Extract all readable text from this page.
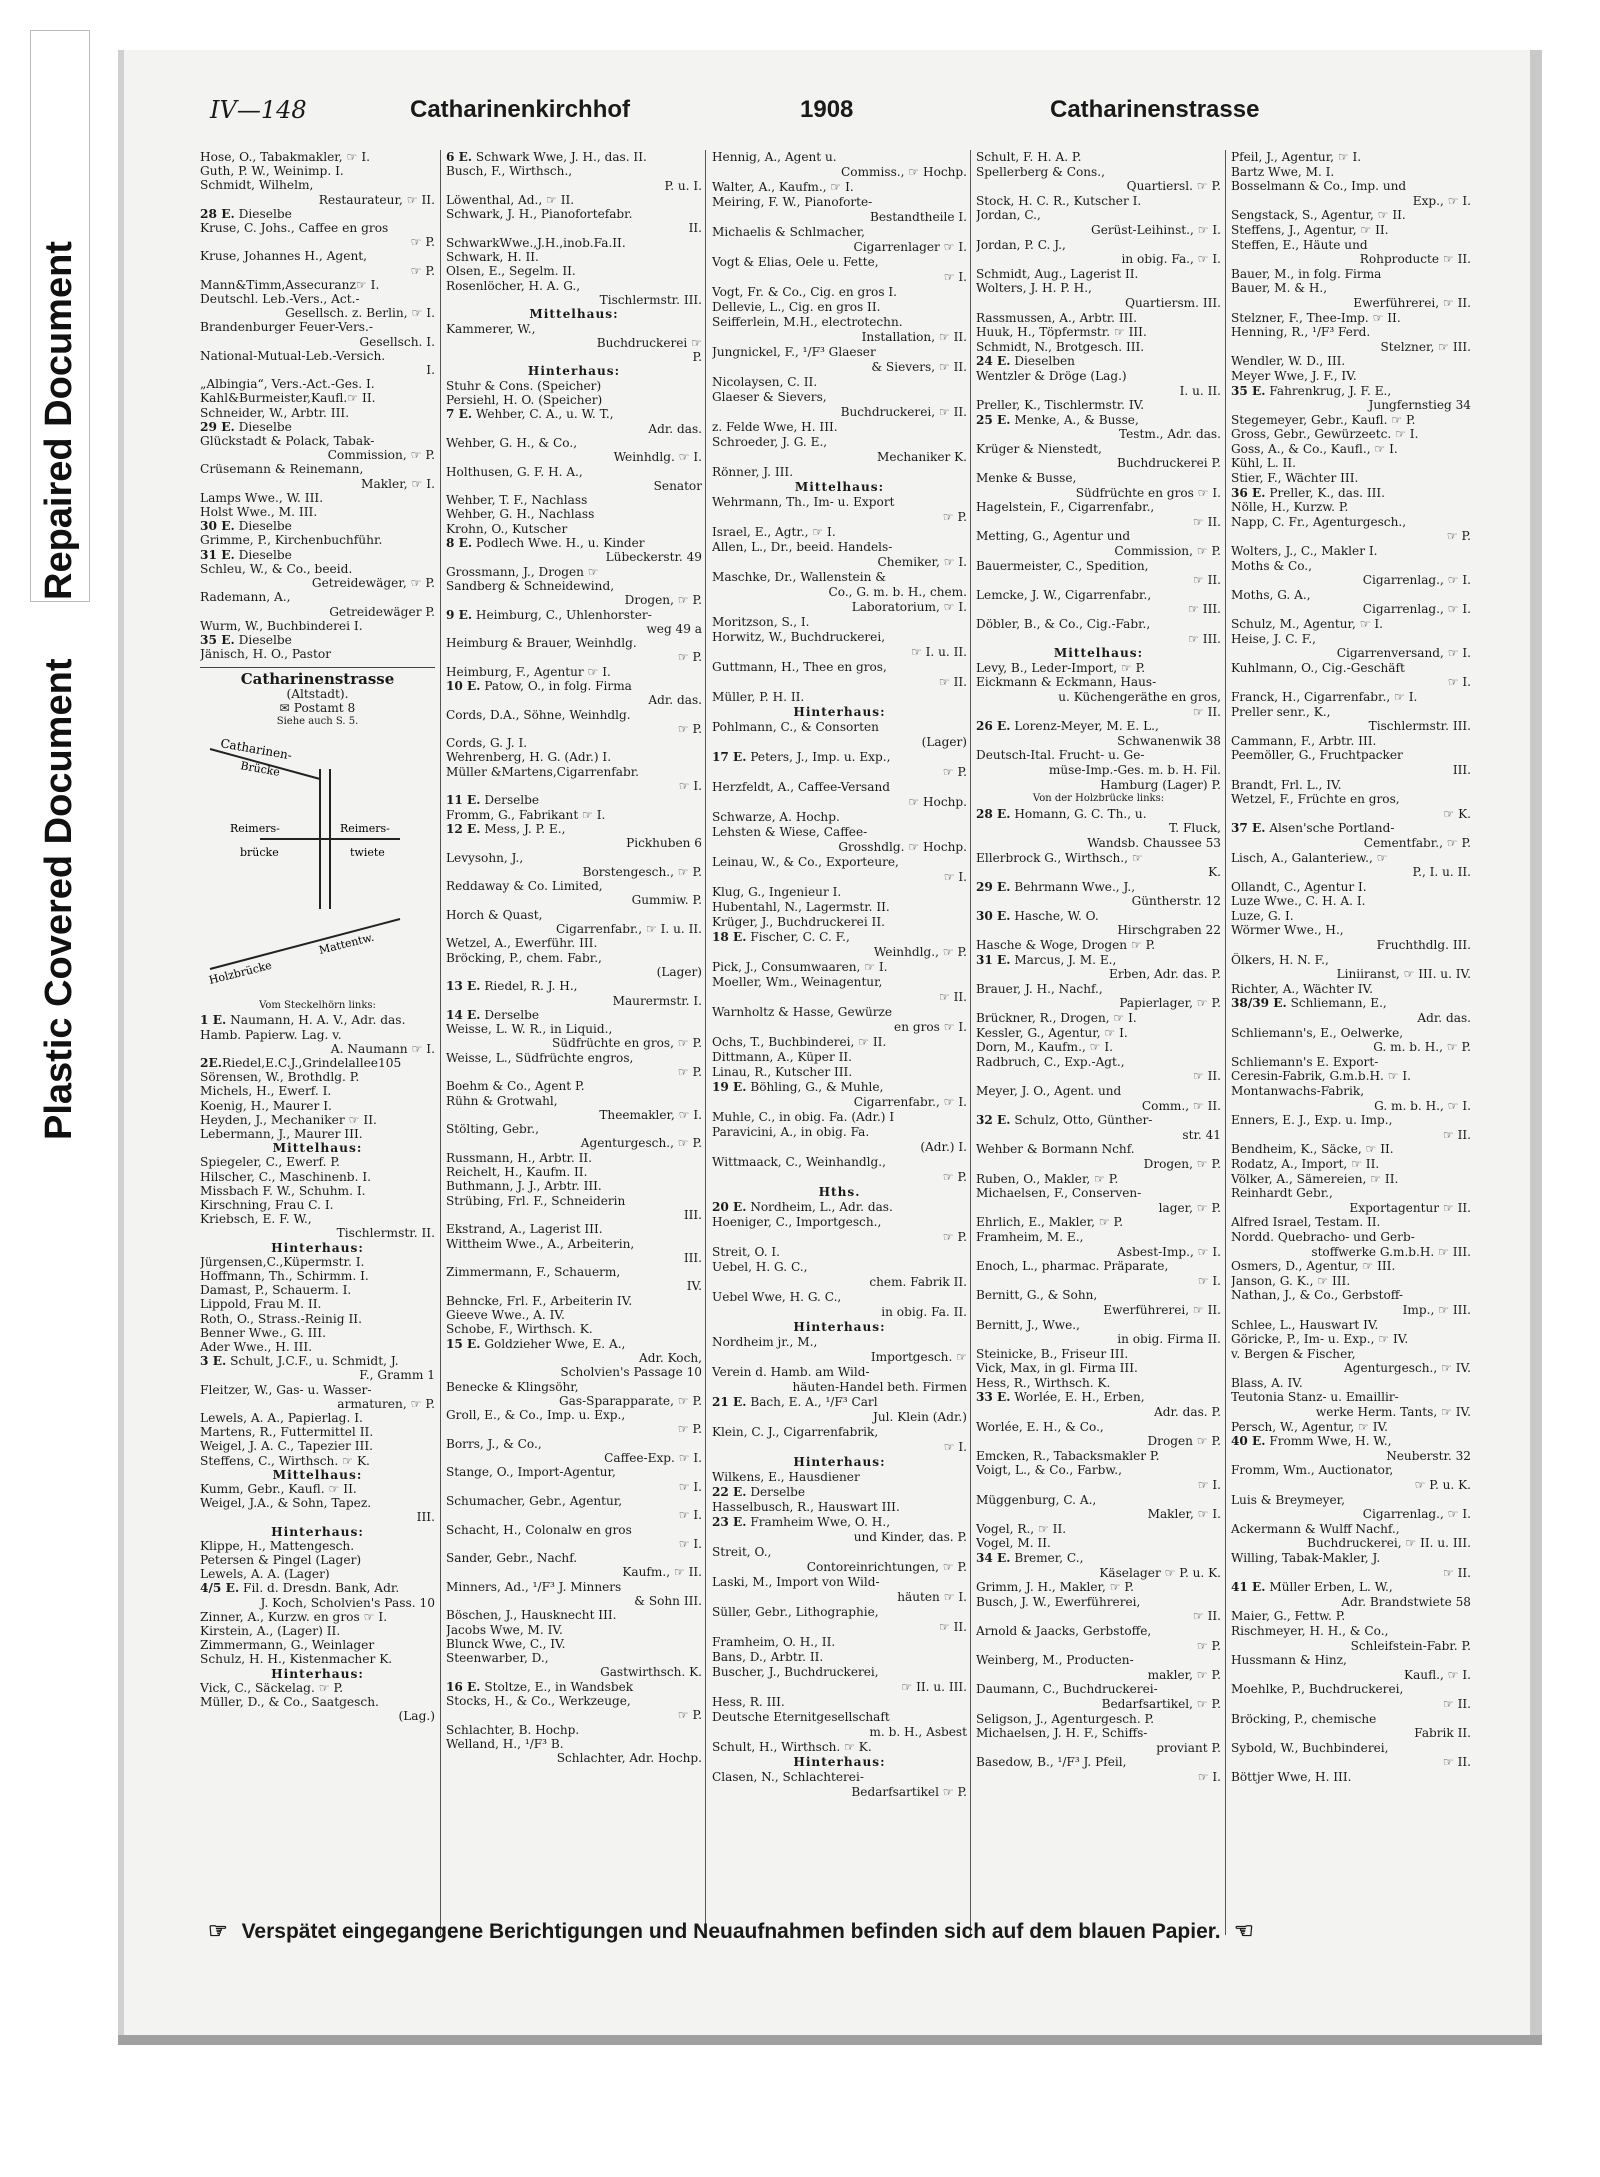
Repaired Document
Plastic Covered Document
IV—148	Catharinenkirchhof	1908	Catharinenstrasse
Hose, O., Tabakmakler, ☞ I.
Guth, P. W., Weinimp. I.
Schmidt, Wilhelm,
Restaurateur, ☞ II.
28 E. Dieselbe
Kruse, C. Johs., Caffee en gros
☞ P.
Kruse, Johannes H., Agent,
☞ P.
Mann&Timm,Assecuranz☞ I.
Deutschl. Leb.-Vers., Act.-
Gesellsch. z. Berlin, ☞ I.
Brandenburger Feuer-Vers.-
Gesellsch. I.
National-Mutual-Leb.-Versich.
I.
„Albingia“, Vers.-Act.-Ges. I.
Kahl&Burmeister,Kaufl.☞ II.
Schneider, W., Arbtr. III.
29 E. Dieselbe
Glückstadt & Polack, Tabak-
Commission, ☞ P.
Crüsemann & Reinemann,
Makler, ☞ I.
Lamps Wwe., W. III.
Holst Wwe., M. III.
30 E. Dieselbe
Grimme, P., Kirchenbuchführ.
31 E. Dieselbe
Schleu, W., & Co., beeid.
Getreidewäger, ☞ P.
Rademann, A.,
Getreidewäger P.
Wurm, W., Buchbinderei I.
35 E. Dieselbe
Jänisch, H. O., Pastor
Catharinenstrasse
(Altstadt).
✉ Postamt 8
Siehe auch S. 5.
Catharinen-
Brücke
Reimers-
brücke
Reimers-
twiete
Holzbrücke
Mattentw.
Vom Steckelhörn links:
1 E. Naumann, H. A. V., Adr. das.
Hamb. Papierw. Lag. v.
A. Naumann ☞ I.
2E.Riedel,E.C.J.,Grindelallee105
Sörensen, W., Brothdlg. P.
Michels, H., Ewerf. I.
Koenig, H., Maurer I.
Heyden, J., Mechaniker ☞ II.
Lebermann, J., Maurer III.
Mittelhaus:
Spiegeler, C., Ewerf. P.
Hilscher, C., Maschinenb. I.
Missbach F. W., Schuhm. I.
Kirschning, Frau C. I.
Kriebsch, E. F. W.,
Tischlermstr. II.
Hinterhaus:
Jürgensen,C.,Küpermstr. I.
Hoffmann, Th., Schirmm. I.
Damast, P., Schauerm. I.
Lippold, Frau M. II.
Roth, O., Strass.-Reinig II.
Benner Wwe., G. III.
Ader Wwe., H. III.
3 E. Schult, J.C.F., u. Schmidt, J.
F., Gramm 1
Fleitzer, W., Gas- u. Wasser-
armaturen, ☞ P.
Lewels, A. A., Papierlag. I.
Martens, R., Futtermittel II.
Weigel, J. A. C., Tapezier III.
Steffens, C., Wirthsch. ☞ K.
Mittelhaus:
Kumm, Gebr., Kaufl. ☞ II.
Weigel, J.A., & Sohn, Tapez.
III.
Hinterhaus:
Klippe, H., Mattengesch.
Petersen & Pingel (Lager)
Lewels, A. A. (Lager)
4/5 E. Fil. d. Dresdn. Bank, Adr.
J. Koch, Scholvien's Pass. 10
Zinner, A., Kurzw. en gros ☞ I.
Kirstein, A., (Lager) II.
Zimmermann, G., Weinlager
Schulz, H. H., Kistenmacher K.
Hinterhaus:
Vick, C., Säckelag. ☞ P.
Müller, D., & Co., Saatgesch.
(Lag.)
6 E. Schwark Wwe, J. H., das. II.
Busch, F., Wirthsch.,
P. u. I.
Löwenthal, Ad., ☞ II.
Schwark, J. H., Pianofortefabr.
II.
SchwarkWwe.,J.H.,inob.Fa.II.
Schwark, H. II.
Olsen, E., Segelm. II.
Rosenlöcher, H. A. G.,
Tischlermstr. III.
Mittelhaus:
Kammerer, W.,
Buchdruckerei ☞
P.
Hinterhaus:
Stuhr & Cons. (Speicher)
Persiehl, H. O. (Speicher)
7 E. Wehber, C. A., u. W. T.,
Adr. das.
Wehber, G. H., & Co.,
Weinhdlg. ☞ I.
Holthusen, G. F. H. A.,
Senator
Wehber, T. F., Nachlass
Wehber, G. H., Nachlass
Krohn, O., Kutscher
8 E. Podlech Wwe. H., u. Kinder
Lübeckerstr. 49
Grossmann, J., Drogen ☞
Sandberg & Schneidewind,
Drogen, ☞ P.
9 E. Heimburg, C., Uhlenhorster-
weg 49 a
Heimburg & Brauer, Weinhdlg.
☞ P.
Heimburg, F., Agentur ☞ I.
10 E. Patow, O., in folg. Firma
Adr. das.
Cords, D.A., Söhne, Weinhdlg.
☞ P.
Cords, G. J. I.
Wehrenberg, H. G. (Adr.) I.
Müller &Martens,Cigarrenfabr.
☞ I.
11 E. Derselbe
Fromm, G., Fabrikant ☞ I.
12 E. Mess, J. P. E.,
Pickhuben 6
Levysohn, J.,
Borstengesch., ☞ P.
Reddaway & Co. Limited,
Gummiw. P.
Horch & Quast,
Cigarrenfabr., ☞ I. u. II.
Wetzel, A., Ewerführ. III.
Bröcking, P., chem. Fabr.,
(Lager)
13 E. Riedel, R. J. H.,
Maurermstr. I.
14 E. Derselbe
Weisse, L. W. R., in Liquid.,
Südfrüchte en gros, ☞ P.
Weisse, L., Südfrüchte engros,
☞ P.
Boehm & Co., Agent P.
Rühn & Grotwahl,
Theemakler, ☞ I.
Stölting, Gebr.,
Agenturgesch., ☞ P.
Russmann, H., Arbtr. II.
Reichelt, H., Kaufm. II.
Buthmann, J. J., Arbtr. III.
Strübing, Frl. F., Schneiderin
III.
Ekstrand, A., Lagerist III.
Wittheim Wwe., A., Arbeiterin,
III.
Zimmermann, F., Schauerm,
IV.
Behncke, Frl. F., Arbeiterin IV.
Gieeve Wwe., A. IV.
Schobe, F., Wirthsch. K.
15 E. Goldzieher Wwe, E. A.,
Adr. Koch,
Scholvien's Passage 10
Benecke & Klingsöhr,
Gas-Sparapparate, ☞ P.
Groll, E., & Co., Imp. u. Exp.,
☞ P.
Borrs, J., & Co.,
Caffee-Exp. ☞ I.
Stange, O., Import-Agentur,
☞ I.
Schumacher, Gebr., Agentur,
☞ I.
Schacht, H., Colonalw en gros
☞ I.
Sander, Gebr., Nachf.
Kaufm., ☞ II.
Minners, Ad., ¹/F³ J. Minners
& Sohn III.
Böschen, J., Hausknecht III.
Jacobs Wwe, M. IV.
Blunck Wwe, C., IV.
Steenwarber, D.,
Gastwirthsch. K.
16 E. Stoltze, E., in Wandsbek
Stocks, H., & Co., Werkzeuge,
☞ P.
Schlachter, B. Hochp.
Welland, H., ¹/F³ B.
Schlachter, Adr. Hochp.
Hennig, A., Agent u.
Commiss., ☞ Hochp.
Walter, A., Kaufm., ☞ I.
Meiring, F. W., Pianoforte-
Bestandtheile I.
Michaelis & Schlmacher,
Cigarrenlager ☞ I.
Vogt & Elias, Oele u. Fette,
☞ I.
Vogt, Fr. & Co., Cig. en gros I.
Dellevie, L., Cig. en gros II.
Seifferlein, M.H., electrotechn.
Installation, ☞ II.
Jungnickel, F., ¹/F³ Glaeser
& Sievers, ☞ II.
Nicolaysen, C. II.
Glaeser & Sievers,
Buchdruckerei, ☞ II.
z. Felde Wwe, H. III.
Schroeder, J. G. E.,
Mechaniker K.
Rönner, J. III.
Mittelhaus:
Wehrmann, Th., Im- u. Export
☞ P.
Israel, E., Agtr., ☞ I.
Allen, L., Dr., beeid. Handels-
Chemiker, ☞ I.
Maschke, Dr., Wallenstein &
Co., G. m. b. H., chem.
Laboratorium, ☞ I.
Moritzson, S., I.
Horwitz, W., Buchdruckerei,
☞ I. u. II.
Guttmann, H., Thee en gros,
☞ II.
Müller, P. H. II.
Hinterhaus:
Pohlmann, C., & Consorten
(Lager)
17 E. Peters, J., Imp. u. Exp.,
☞ P.
Herzfeldt, A., Caffee-Versand
☞ Hochp.
Schwarze, A. Hochp.
Lehsten & Wiese, Caffee-
Grosshdlg. ☞ Hochp.
Leinau, W., & Co., Exporteure,
☞ I.
Klug, G., Ingenieur I.
Hubentahl, N., Lagermstr. II.
Krüger, J., Buchdruckerei II.
18 E. Fischer, C. C. F.,
Weinhdlg., ☞ P.
Pick, J., Consumwaaren, ☞ I.
Moeller, Wm., Weinagentur,
☞ II.
Warnholtz & Hasse, Gewürze
en gros ☞ I.
Ochs, T., Buchbinderei, ☞ II.
Dittmann, A., Küper II.
Linau, R., Kutscher III.
19 E. Böhling, G., & Muhle,
Cigarrenfabr., ☞ I.
Muhle, C., in obig. Fa. (Adr.) I
Paravicini, A., in obig. Fa.
(Adr.) I.
Wittmaack, C., Weinhandlg.,
☞ P.
Hths.
20 E. Nordheim, L., Adr. das.
Hoeniger, C., Importgesch.,
☞ P.
Streit, O. I.
Uebel, H. G. C.,
chem. Fabrik II.
Uebel Wwe, H. G. C.,
in obig. Fa. II.
Hinterhaus:
Nordheim jr., M.,
Importgesch. ☞
Verein d. Hamb. am Wild-
häuten-Handel beth. Firmen
21 E. Bach, E. A., ¹/F³ Carl
Jul. Klein (Adr.)
Klein, C. J., Cigarrenfabrik,
☞ I.
Hinterhaus:
Wilkens, E., Hausdiener
22 E. Derselbe
Hasselbusch, R., Hauswart III.
23 E. Framheim Wwe, O. H.,
und Kinder, das. P.
Streit, O.,
Contoreinrichtungen, ☞ P.
Laski, M., Import von Wild-
häuten ☞ I.
Süller, Gebr., Lithographie,
☞ II.
Framheim, O. H., II.
Bans, D., Arbtr. II.
Buscher, J., Buchdruckerei,
☞ II. u. III.
Hess, R. III.
Deutsche Eternitgesellschaft
m. b. H., Asbest
Schult, H., Wirthsch. ☞ K.
Hinterhaus:
Clasen, N., Schlachterei-
Bedarfsartikel ☞ P.
Schult, F. H. A. P.
Spellerberg & Cons.,
Quartiersl. ☞ P.
Stock, H. C. R., Kutscher I.
Jordan, C.,
Gerüst-Leihinst., ☞ I.
Jordan, P. C. J.,
in obig. Fa., ☞ I.
Schmidt, Aug., Lagerist II.
Wolters, J. H. P. H.,
Quartiersm. III.
Rassmussen, A., Arbtr. III.
Huuk, H., Töpfermstr. ☞ III.
Schmidt, N., Brotgesch. III.
24 E. Dieselben
Wentzler & Dröge (Lag.)
I. u. II.
Preller, K., Tischlermstr. IV.
25 E. Menke, A., & Busse,
Testm., Adr. das.
Krüger & Nienstedt,
Buchdruckerei P.
Menke & Busse,
Südfrüchte en gros ☞ I.
Hagelstein, F., Cigarrenfabr.,
☞ II.
Metting, G., Agentur und
Commission, ☞ P.
Bauermeister, C., Spedition,
☞ II.
Lemcke, J. W., Cigarrenfabr.,
☞ III.
Döbler, B., & Co., Cig.-Fabr.,
☞ III.
Mittelhaus:
Levy, B., Leder-Import, ☞ P.
Eickmann & Eckmann, Haus-
u. Küchengeräthe en gros,
☞ II.
26 E. Lorenz-Meyer, M. E. L.,
Schwanenwik 38
Deutsch-Ital. Frucht- u. Ge-
müse-Imp.-Ges. m. b. H. Fil.
Hamburg (Lager) P.
Von der Holzbrücke links:
28 E. Homann, G. C. Th., u.
T. Fluck,
Wandsb. Chaussee 53
Ellerbrock G., Wirthsch., ☞
K.
29 E. Behrmann Wwe., J.,
Güntherstr. 12
30 E. Hasche, W. O.
Hirschgraben 22
Hasche & Woge, Drogen ☞ P.
31 E. Marcus, J. M. E.,
Erben, Adr. das. P.
Brauer, J. H., Nachf.,
Papierlager, ☞ P.
Brückner, R., Drogen, ☞ I.
Kessler, G., Agentur, ☞ I.
Dorn, M., Kaufm., ☞ I.
Radbruch, C., Exp.-Agt.,
☞ II.
Meyer, J. O., Agent. und
Comm., ☞ II.
32 E. Schulz, Otto, Günther-
str. 41
Wehber & Bormann Nchf.
Drogen, ☞ P.
Ruben, O., Makler, ☞ P.
Michaelsen, F., Conserven-
lager, ☞ P.
Ehrlich, E., Makler, ☞ P.
Framheim, M. E.,
Asbest-Imp., ☞ I.
Enoch, L., pharmac. Präparate,
☞ I.
Bernitt, G., & Sohn,
Ewerführerei, ☞ II.
Bernitt, J., Wwe.,
in obig. Firma II.
Steinicke, B., Friseur III.
Vick, Max, in gl. Firma III.
Hess, R., Wirthsch. K.
33 E. Worlée, E. H., Erben,
Adr. das. P.
Worlée, E. H., & Co.,
Drogen ☞ P.
Emcken, R., Tabacksmakler P.
Voigt, L., & Co., Farbw.,
☞ I.
Müggenburg, C. A.,
Makler, ☞ I.
Vogel, R., ☞ II.
Vogel, M. II.
34 E. Bremer, C.,
Käselager ☞ P. u. K.
Grimm, J. H., Makler, ☞ P.
Busch, J. W., Ewerführerei,
☞ II.
Arnold & Jaacks, Gerbstoffe,
☞ P.
Weinberg, M., Producten-
makler, ☞ P.
Daumann, C., Buchdruckerei-
Bedarfsartikel, ☞ P.
Seligson, J., Agenturgesch. P.
Michaelsen, J. H. F., Schiffs-
proviant P.
Basedow, B., ¹/F³ J. Pfeil,
☞ I.
Pfeil, J., Agentur, ☞ I.
Bartz Wwe, M. I.
Bosselmann & Co., Imp. und
Exp., ☞ I.
Sengstack, S., Agentur, ☞ II.
Steffens, J., Agentur, ☞ II.
Steffen, E., Häute und
Rohproducte ☞ II.
Bauer, M., in folg. Firma
Bauer, M. & H.,
Ewerführerei, ☞ II.
Stelzner, F., Thee-Imp. ☞ II.
Henning, R., ¹/F³ Ferd.
Stelzner, ☞ III.
Wendler, W. D., III.
Meyer Wwe, J. F., IV.
35 E. Fahrenkrug, J. F. E.,
Jungfernstieg 34
Stegemeyer, Gebr., Kaufl. ☞ P.
Gross, Gebr., Gewürzeetc. ☞ I.
Goss, A., & Co., Kaufl., ☞ I.
Kühl, L. II.
Stier, F., Wächter III.
36 E. Preller, K., das. III.
Nölle, H., Kurzw. P.
Napp, C. Fr., Agenturgesch.,
☞ P.
Wolters, J., C., Makler I.
Moths & Co.,
Cigarrenlag., ☞ I.
Moths, G. A.,
Cigarrenlag., ☞ I.
Schulz, M., Agentur, ☞ I.
Heise, J. C. F.,
Cigarrenversand, ☞ I.
Kuhlmann, O., Cig.-Geschäft
☞ I.
Franck, H., Cigarrenfabr., ☞ I.
Preller senr., K.,
Tischlermstr. III.
Cammann, F., Arbtr. III.
Peemöller, G., Fruchtpacker
III.
Brandt, Frl. L., IV.
Wetzel, F., Früchte en gros,
☞ K.
37 E. Alsen'sche Portland-
Cementfabr., ☞ P.
Lisch, A., Galanteriew., ☞
P., I. u. II.
Ollandt, C., Agentur I.
Luze Wwe., C. H. A. I.
Luze, G. I.
Wörmer Wwe., H.,
Fruchthdlg. III.
Ölkers, H. N. F.,
Liniiranst, ☞ III. u. IV.
Richter, A., Wächter IV.
38/39 E. Schliemann, E.,
Adr. das.
Schliemann's, E., Oelwerke,
G. m. b. H., ☞ P.
Schliemann's E. Export-
Ceresin-Fabrik, G.m.b.H. ☞ I.
Montanwachs-Fabrik,
G. m. b. H., ☞ I.
Enners, E. J., Exp. u. Imp.,
☞ II.
Bendheim, K., Säcke, ☞ II.
Rodatz, A., Import, ☞ II.
Völker, A., Sämereien, ☞ II.
Reinhardt Gebr.,
Exportagentur ☞ II.
Alfred Israel, Testam. II.
Nordd. Quebracho- und Gerb-
stoffwerke G.m.b.H. ☞ III.
Osmers, D., Agentur, ☞ III.
Janson, G. K., ☞ III.
Nathan, J., & Co., Gerbstoff-
Imp., ☞ III.
Schlee, L., Hauswart IV.
Göricke, P., Im- u. Exp., ☞ IV.
v. Bergen & Fischer,
Agenturgesch., ☞ IV.
Blass, A. IV.
Teutonia Stanz- u. Emaillir-
werke Herm. Tants, ☞ IV.
Persch, W., Agentur, ☞ IV.
40 E. Fromm Wwe, H. W.,
Neuberstr. 32
Fromm, Wm., Auctionator,
☞ P. u. K.
Luis & Breymeyer,
Cigarrenlag., ☞ I.
Ackermann & Wulff Nachf.,
Buchdruckerei, ☞ II. u. III.
Willing, Tabak-Makler, J.
☞ II.
41 E. Müller Erben, L. W.,
Adr. Brandstwiete 58
Maier, G., Fettw. P.
Rischmeyer, H. H., & Co.,
Schleifstein-Fabr. P.
Hussmann & Hinz,
Kaufl., ☞ I.
Moehlke, P., Buchdruckerei,
☞ II.
Bröcking, P., chemische
Fabrik II.
Sybold, W., Buchbinderei,
☞ II.
Böttjer Wwe, H. III.
☞ Verspätet eingegangene Berichtigungen und Neuaufnahmen befinden sich auf dem blauen Papier. ☞
